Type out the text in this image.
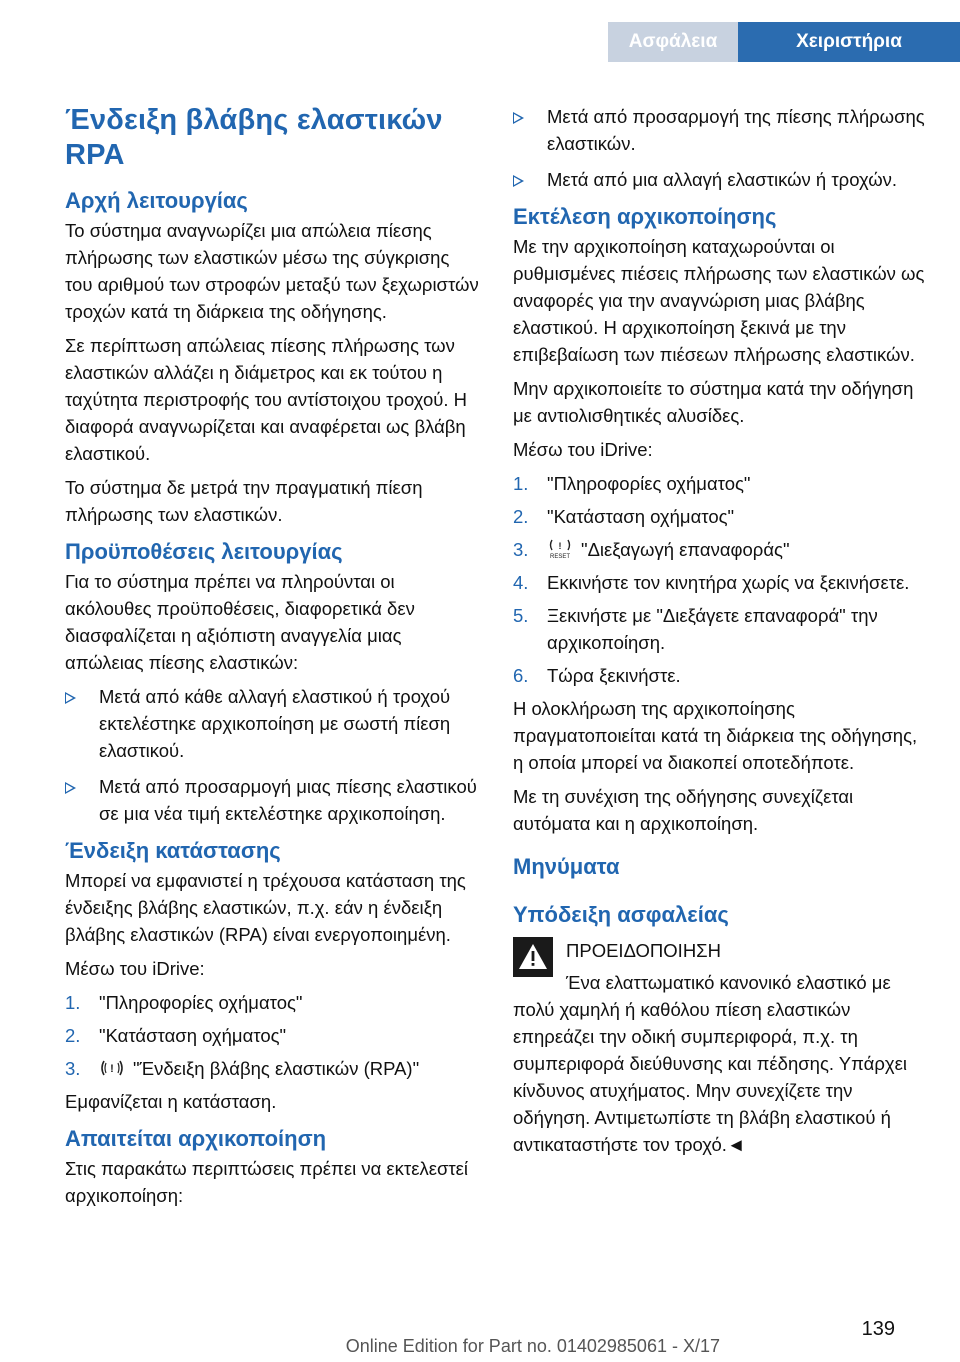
Ασφάλεια	Χειριστήρια
Ένδειξη βλάβης ελαστικών RPA
Αρχή λειτουργίας

Το σύστημα αναγνωρίζει μια απώλεια πίεσης πλήρωσης των ελαστικών μέσω της σύγκρισης του αριθμού των στροφών μεταξύ των ξεχωριστών τροχών κατά τη διάρκεια της οδήγησης.

Σε περίπτωση απώλειας πίεσης πλήρωσης των ελαστικών αλλάζει η διάμετρος και εκ τούτου η ταχύτητα περιστροφής του αντίστοιχου τροχού. Η διαφορά αναγνωρίζεται και αναφέρεται ως βλάβη ελαστικού.

Το σύστημα δε μετρά την πραγματική πίεση πλήρωσης των ελαστικών.

Προϋποθέσεις λειτουργίας

Για το σύστημα πρέπει να πληρούνται οι ακόλουθες προϋποθέσεις, διαφορετικά δεν διασφαλίζεται η αξιόπιστη αναγγελία μιας απώλειας πίεσης ελαστικών:

Μετά από κάθε αλλαγή ελαστικού ή τροχού εκτελέστηκε αρχικοποίηση με σωστή πίεση ελαστικού.
Μετά από προσαρμογή μιας πίεσης ελαστικού σε μια νέα τιμή εκτελέστηκε αρχικοποίηση.
Ένδειξη κατάστασης

Μπορεί να εμφανιστεί η τρέχουσα κατάσταση της ένδειξης βλάβης ελαστικών, π.χ. εάν η ένδειξη βλάβης ελαστικών (RPA) είναι ενεργοποιημένη.

Μέσω του iDrive:

1. "Πληροφορίες οχήματος"
2. "Κατάσταση οχήματος"
3.	! "Ένδειξη βλάβης ελαστικών (RPA)"

Εμφανίζεται η κατάσταση.

Απαιτείται αρχικοποίηση

Στις παρακάτω περιπτώσεις πρέπει να εκτελεστεί αρχικοποίηση:

Μετά από προσαρμογή της πίεσης πλήρωσης ελαστικών.
Μετά από μια αλλαγή ελαστικών ή τροχών.
Εκτέλεση αρχικοποίησης

Με την αρχικοποίηση καταχωρούνται οι ρυθμισμένες πιέσεις πλήρωσης των ελαστικών ως αναφορές για την αναγνώριση μιας βλάβης ελαστικού. Η αρχικοποίηση ξεκινά με την επιβεβαίωση των πιέσεων πλήρωσης ελαστικών.

Μην αρχικοποιείτε το σύστημα κατά την οδήγηση με αντιολισθητικές αλυσίδες.

Μέσω του iDrive:

1. "Πληροφορίες οχήματος"
2. "Κατάσταση οχήματος"
3.	!
RESET "Διεξαγωγή επαναφοράς"
4. Εκκινήστε τον κινητήρα χωρίς να ξεκινήσετε.
5. Ξεκινήστε με "Διεξάγετε επαναφορά" την αρχικοποίηση.
6. Τώρα ξεκινήστε.

Η ολοκλήρωση της αρχικοποίησης πραγματοποιείται κατά τη διάρκεια της οδήγησης, η οποία μπορεί να διακοπεί οποτεδήποτε.

Με τη συνέχιση της οδήγησης συνεχίζεται αυτόματα και η αρχικοποίηση.

Μηνύματα
Υπόδειξη ασφαλείας
ΠΡΟΕΙΔΟΠΟΙΗΣΗ

Ένα ελαττωματικό κανονικό ελαστικό με πολύ χαμηλή ή καθόλου πίεση ελαστικών επηρεάζει την οδική συμπεριφορά, π.χ. τη συμπεριφορά διεύθυνσης και πέδησης. Υπάρχει κίνδυνος ατυχήματος. Μην συνεχίζετε την οδήγηση. Αντιμετωπίστε τη βλάβη ελαστικού ή αντικαταστήστε τον τροχό.◄

139
Online Edition for Part no. 01402985061 - X/17
